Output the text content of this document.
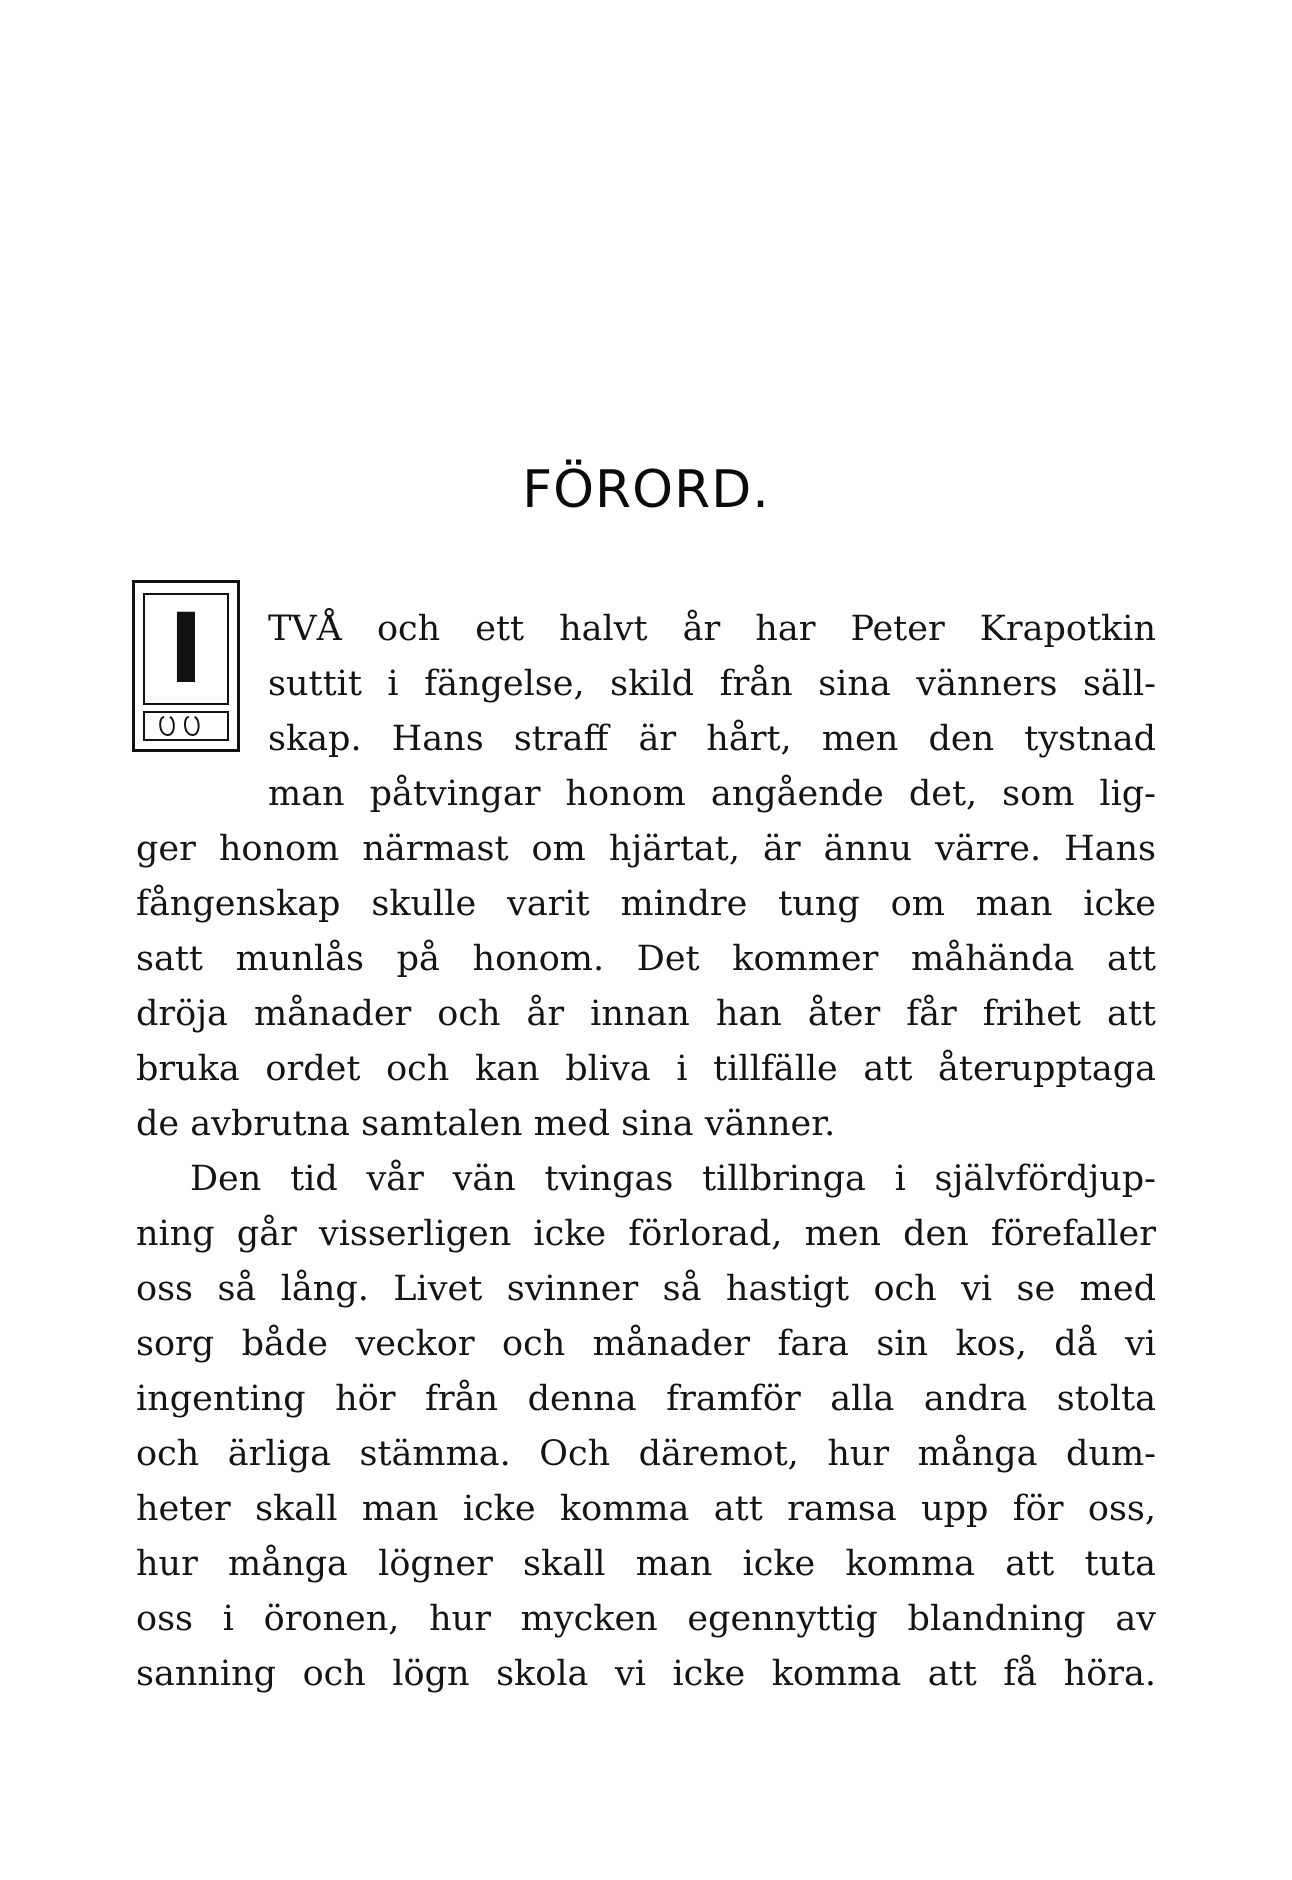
FÖRORD.
I TVÅ och ett halvt år har Peter Krapotkin
suttit i fängelse, skild från sina vänners säll-
skap. Hans straff är hårt, men den tystnad
man påtvingar honom angående det, som lig-
ger honom närmast om hjärtat, är ännu värre. Hans
fångenskap skulle varit mindre tung om man icke
satt munlås på honom. Det kommer måhända att
dröja månader och år innan han åter får frihet att
bruka ordet och kan bliva i tillfälle att återupptaga
de avbrutna samtalen med sina vänner.
Den tid vår vän tvingas tillbringa i självfördjup-
ning går visserligen icke förlorad, men den förefaller
oss så lång. Livet svinner så hastigt och vi se med
sorg både veckor och månader fara sin kos, då vi
ingenting hör från denna framför alla andra stolta
och ärliga stämma. Och däremot, hur många dum-
heter skall man icke komma att ramsa upp för oss,
hur många lögner skall man icke komma att tuta
oss i öronen, hur mycken egennyttig blandning av
sanning och lögn skola vi icke komma att få höra.
